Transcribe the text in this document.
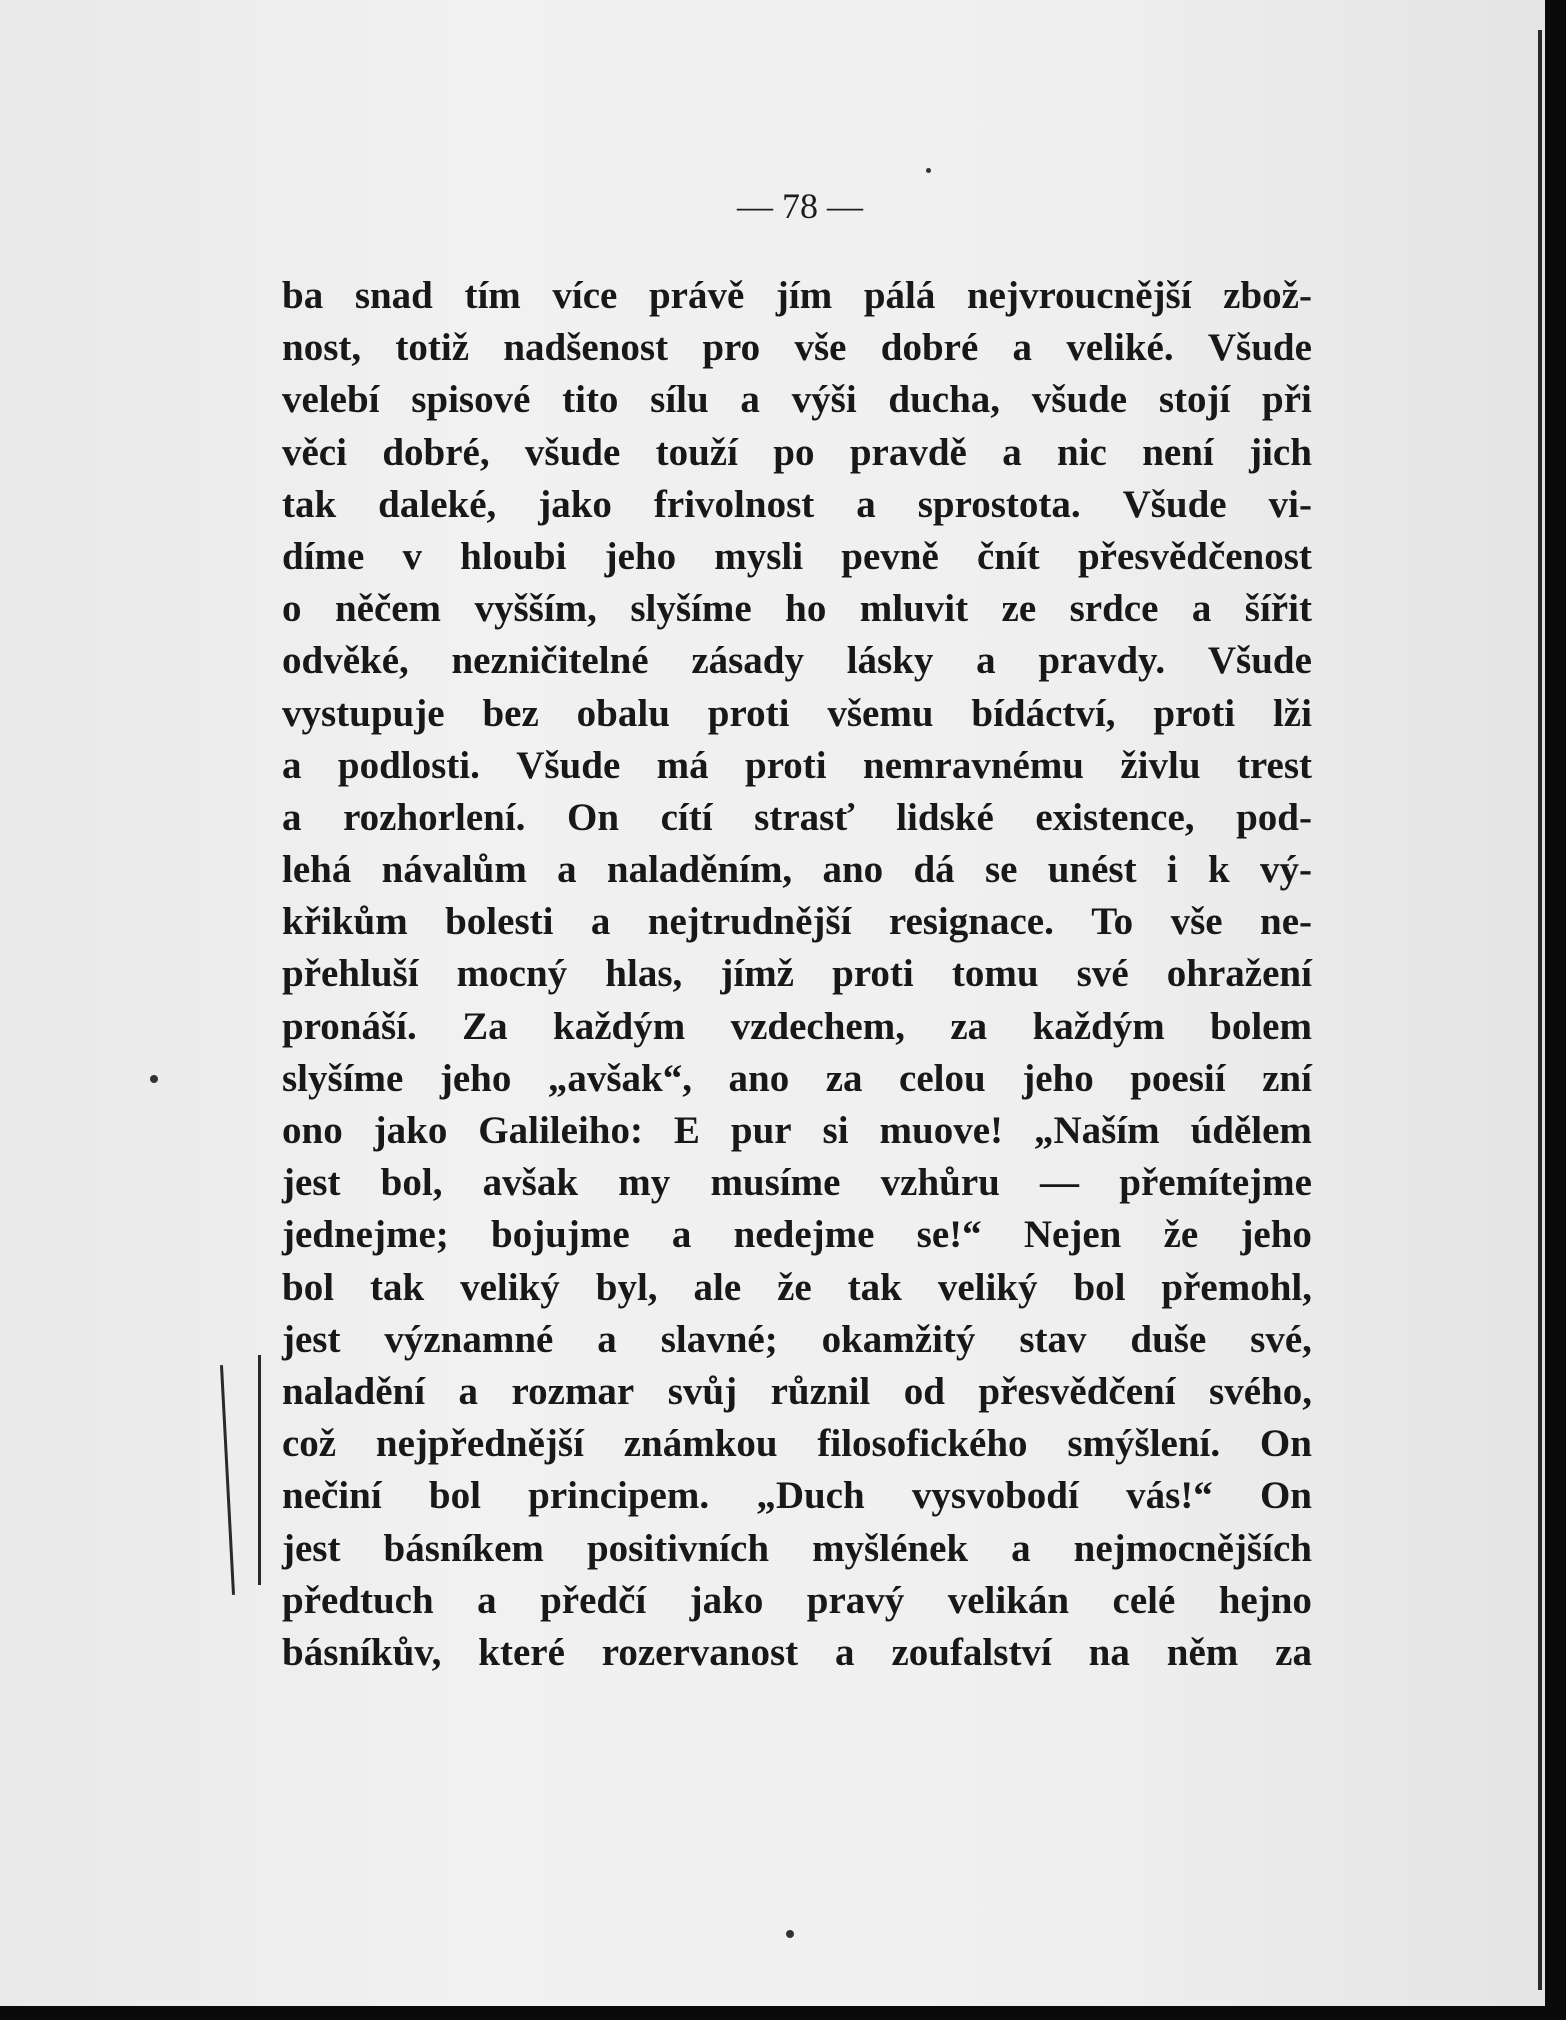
— 78 —
ba snad tím více právě jím pálá nejvroucnější zbož-
nost, totiž nadšenost pro vše dobré a veliké. Všude
velebí spisové tito sílu a výši ducha, všude stojí při
věci dobré, všude touží po pravdě a nic není jich
tak daleké, jako frivolnost a sprostota. Všude vi-
díme v hloubi jeho mysli pevně čnít přesvědčenost
o něčem vyšším, slyšíme ho mluvit ze srdce a šířit
odvěké, nezničitelné zásady lásky a pravdy. Všude
vystupuje bez obalu proti všemu bídáctví, proti lži
a podlosti. Všude má proti nemravnému živlu trest
a rozhorlení. On cítí strasť lidské existence, pod-
lehá návalům a naladěním, ano dá se unést i k vý-
křikům bolesti a nejtrudnější resignace. To vše ne-
přehluší mocný hlas, jímž proti tomu své ohražení
pronáší. Za každým vzdechem, za každým bolem
slyšíme jeho „avšak“, ano za celou jeho poesií zní
ono jako Galileiho: E pur si muove! „Naším údělem
jest bol, avšak my musíme vzhůru — přemítejme
jednejme; bojujme a nedejme se!“ Nejen že jeho
bol tak veliký byl, ale že tak veliký bol přemohl,
jest významné a slavné; okamžitý stav duše své,
naladění a rozmar svůj různil od přesvědčení svého,
což nejpřednější známkou filosofického smýšlení. On
nečiní bol principem. „Duch vysvobodí vás!“ On
jest básníkem positivních myšlének a nejmocnějších
předtuch a předčí jako pravý velikán celé hejno
básníkův, které rozervanost a zoufalství na něm za
